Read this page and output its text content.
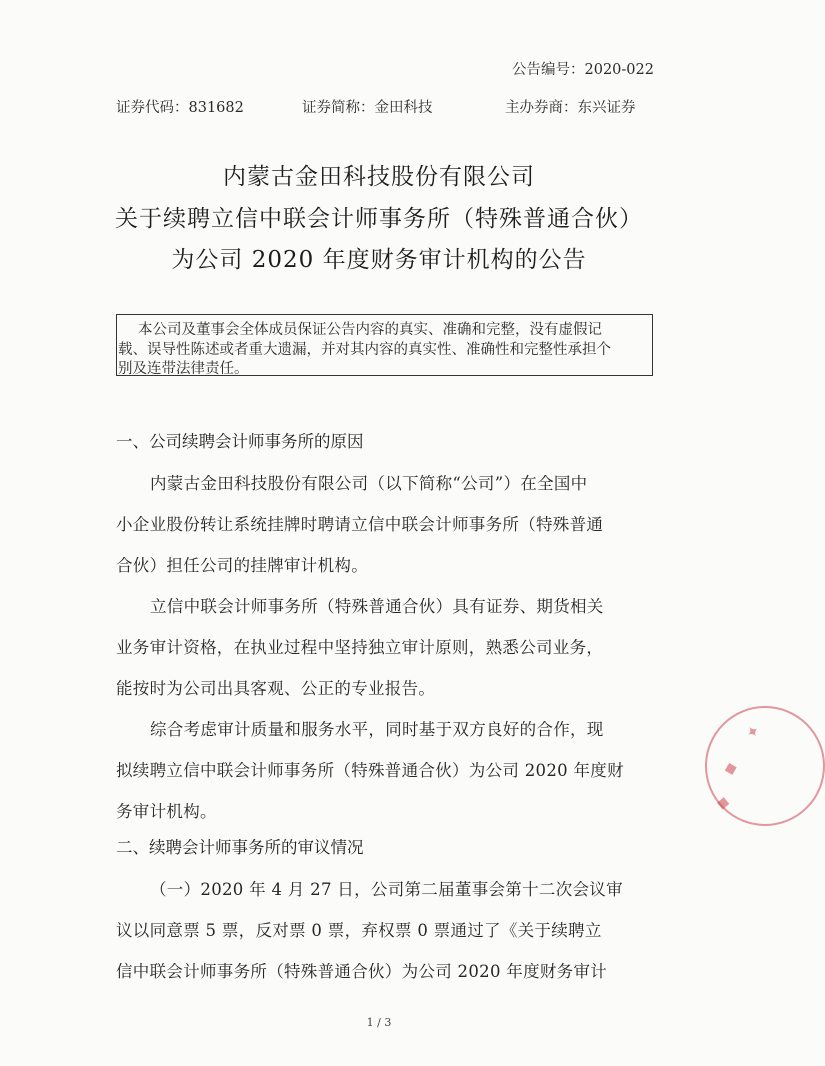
公告编号：2020-022
证券代码：831682	证券简称：金田科技	主办券商：东兴证券
内蒙古金田科技股份有限公司
关于续聘立信中联会计师事务所（特殊普通合伙）
为公司 2020 年度财务审计机构的公告
本公司及董事会全体成员保证公告内容的真实、准确和完整，没有虚假记
载、误导性陈述或者重大遗漏，并对其内容的真实性、准确性和完整性承担个
别及连带法律责任。
一、公司续聘会计师事务所的原因
内蒙古金田科技股份有限公司（以下简称“公司”）在全国中
小企业股份转让系统挂牌时聘请立信中联会计师事务所（特殊普通
合伙）担任公司的挂牌审计机构。
立信中联会计师事务所（特殊普通合伙）具有证券、期货相关
业务审计资格，在执业过程中坚持独立审计原则，熟悉公司业务，
能按时为公司出具客观、公正的专业报告。
综合考虑审计质量和服务水平，同时基于双方良好的合作，现
拟续聘立信中联会计师事务所（特殊普通合伙）为公司 2020 年度财
务审计机构。
二、续聘会计师事务所的审议情况
（一）2020 年 4 月 27 日，公司第二届董事会第十二次会议审
议以同意票 5 票，反对票 0 票，弃权票 0 票通过了《关于续聘立
信中联会计师事务所（特殊普通合伙）为公司 2020 年度财务审计
1 / 3
✦
◆
◆
